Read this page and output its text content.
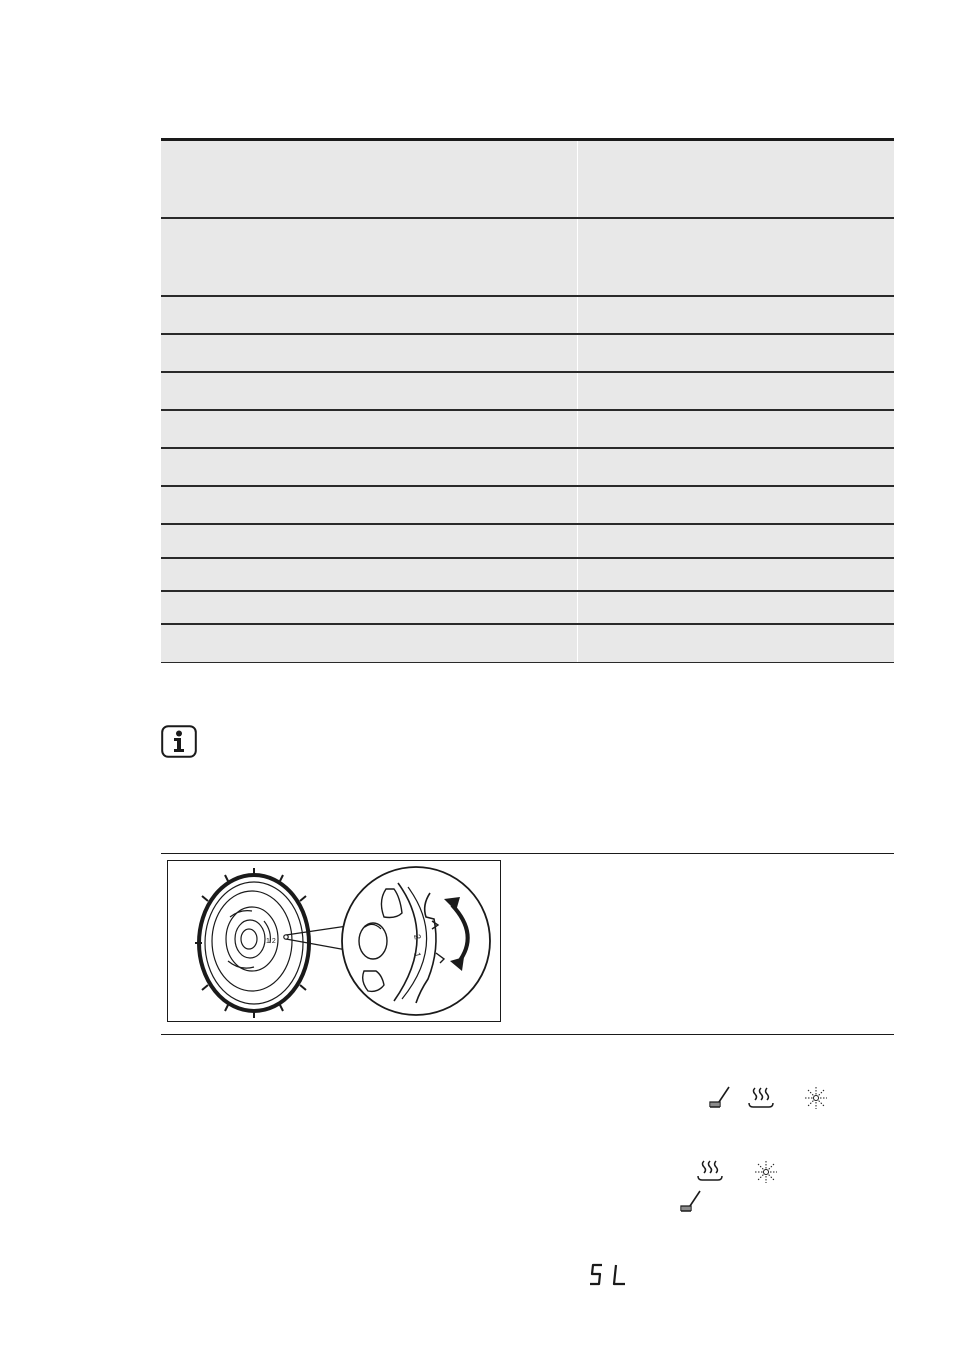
1 2
2
1
